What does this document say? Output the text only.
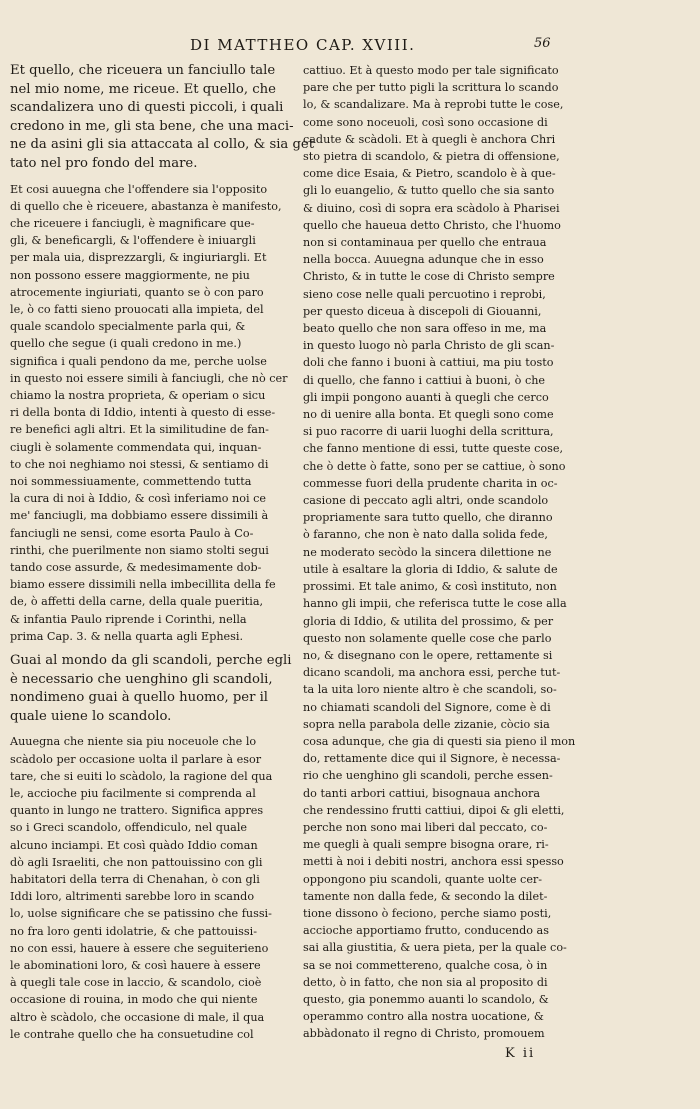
DI MATTHEO CAP. XVIII.	56
Et quello, che riceuera un fanciullo tale
nel mio nome, me riceue. Et quello, che
scandalizera uno di questi piccoli, i quali
credono in me, gli sta bene, che una maci-
ne da asini gli sia attaccata al collo, & sia get
tato nel pro fondo del mare.
Et cosi auuegna che l'offendere sia l'opposito
di quello che è riceuere, abastanza è manifesto,
che riceuere i fanciugli, è magnificare que-
gli, & beneficargli, & l'offendere è iniuargli
per mala uia, disprezzargli, & ingiuriargli. Et
non possono essere maggiormente, ne piu
atrocemente ingiuriati, quanto se ò con paro
le, ò co fatti sieno prouocati alla impieta, del
quale scandolo specialmente parla qui, &
quello che segue (i quali credono in me.)
significa i quali pendono da me, perche uolse
in questo noi essere simili à fanciugli, che nò cer
chiamo la nostra proprieta, & operiam o sicu
ri della bonta di Iddio, intenti à questo di esse-
re benefici agli altri. Et la similitudine de fan-
ciugli è solamente commendata qui, inquan-
to che noi neghiamo noi stessi, & sentiamo di
noi sommessiuamente, commettendo tutta
la cura di noi à Iddio, & così inferiamo noi ce
me' fanciugli, ma dobbiamo essere dissimili à
fanciugli ne sensi, come esorta Paulo à Co-
rinthi, che puerilmente non siamo stolti segui
tando cose assurde, & medesimamente dob-
biamo essere dissimili nella imbecillita della fe
de, ò affetti della carne, della quale pueritia,
& infantia Paulo riprende i Corinthi, nella
prima Cap. 3. & nella quarta agli Ephesi.
Guai al mondo da gli scandoli, perche egli
è necessario che uenghino gli scandoli,
nondimeno guai à quello huomo, per il
quale uiene lo scandolo.
Auuegna che niente sia piu noceuole che lo
scàdolo per occasione uolta il parlare à esor
tare, che si euiti lo scàdolo, la ragione del qua
le, accioche piu facilmente si comprenda al
quanto in lungo ne trattero. Significa appres
so i Greci scandolo, offendiculo, nel quale
alcuno inciampi. Et così quàdo Iddio coman
dò agli Israeliti, che non pattouissino con gli
habitatori della terra di Chenahan, ò con gli
Iddi loro, altrimenti sarebbe loro in scando
lo, uolse significare che se patissino che fussi-
no fra loro genti idolatrie, & che pattouissi-
no con essi, hauere à essere che seguiterieno
le abominationi loro, & così hauere à essere
à quegli tale cose in laccio, & scandolo, cioè
occasione di rouina, in modo che qui niente
altro è scàdolo, che occasione di male, il qua
le contrahe quello che ha consuetudine col
cattiuo. Et à questo modo per tale significato
pare che per tutto pigli la scrittura lo scando
lo, & scandalizare. Ma à reprobi tutte le cose,
come sono noceuoli, così sono occasione di
cadute & scàdoli. Et à quegli è anchora Chri
sto pietra di scandolo, & pietra di offensione,
come dice Esaia, & Pietro, scandolo è à que-
gli lo euangelio, & tutto quello che sia santo
& diuino, così di sopra era scàdolo à Pharisei
quello che haueua detto Christo, che l'huomo
non si contaminaua per quello che entraua
nella bocca. Auuegna adunque che in esso
Christo, & in tutte le cose di Christo sempre
sieno cose nelle quali percuotino i reprobi,
per questo diceua à discepoli di Giouanni,
beato quello che non sara offeso in me, ma
in questo luogo nò parla Christo de gli scan-
doli che fanno i buoni à cattiui, ma piu tosto
di quello, che fanno i cattiui à buoni, ò che
gli impii pongono auanti à quegli che cerco
no di uenire alla bonta. Et quegli sono come
si puo racorre di uarii luoghi della scrittura,
che fanno mentione di essi, tutte queste cose,
che ò dette ò fatte, sono per se cattiue, ò sono
commesse fuori della prudente charita in oc-
casione di peccato agli altri, onde scandolo
propriamente sara tutto quello, che diranno
ò faranno, che non è nato dalla solida fede,
ne moderato secòdo la sincera dilettione ne
utile à esaltare la gloria di Iddio, & salute de
prossimi. Et tale animo, & così instituto, non
hanno gli impii, che referisca tutte le cose alla
gloria di Iddio, & utilita del prossimo, & per
questo non solamente quelle cose che parlo
no, & disegnano con le opere, rettamente si
dicano scandoli, ma anchora essi, perche tut-
ta la uita loro niente altro è che scandoli, so-
no chiamati scandoli del Signore, come è di
sopra nella parabola delle zizanie, còcio sia
cosa adunque, che gia di questi sia pieno il mon
do, rettamente dice qui il Signore, è necessa-
rio che uenghino gli scandoli, perche essen-
do tanti arbori cattiui, bisognaua anchora
che rendessino frutti cattiui, dipoi & gli eletti,
perche non sono mai liberi dal peccato, co-
me quegli à quali sempre bisogna orare, ri-
metti à noi i debiti nostri, anchora essi spesso
oppongono piu scandoli, quante uolte cer-
tamente non dalla fede, & secondo la dilet-
tione dissono ò feciono, perche siamo posti,
accioche apportiamo frutto, conducendo as
sai alla giustitia, & uera pieta, per la quale co-
sa se noi commettereno, qualche cosa, ò in
detto, ò in fatto, che non sia al proposito di
questo, gia ponemmo auanti lo scandolo, &
operammo contro alla nostra uocatione, &
abbàdonato il regno di Christo, promouem
K ii
